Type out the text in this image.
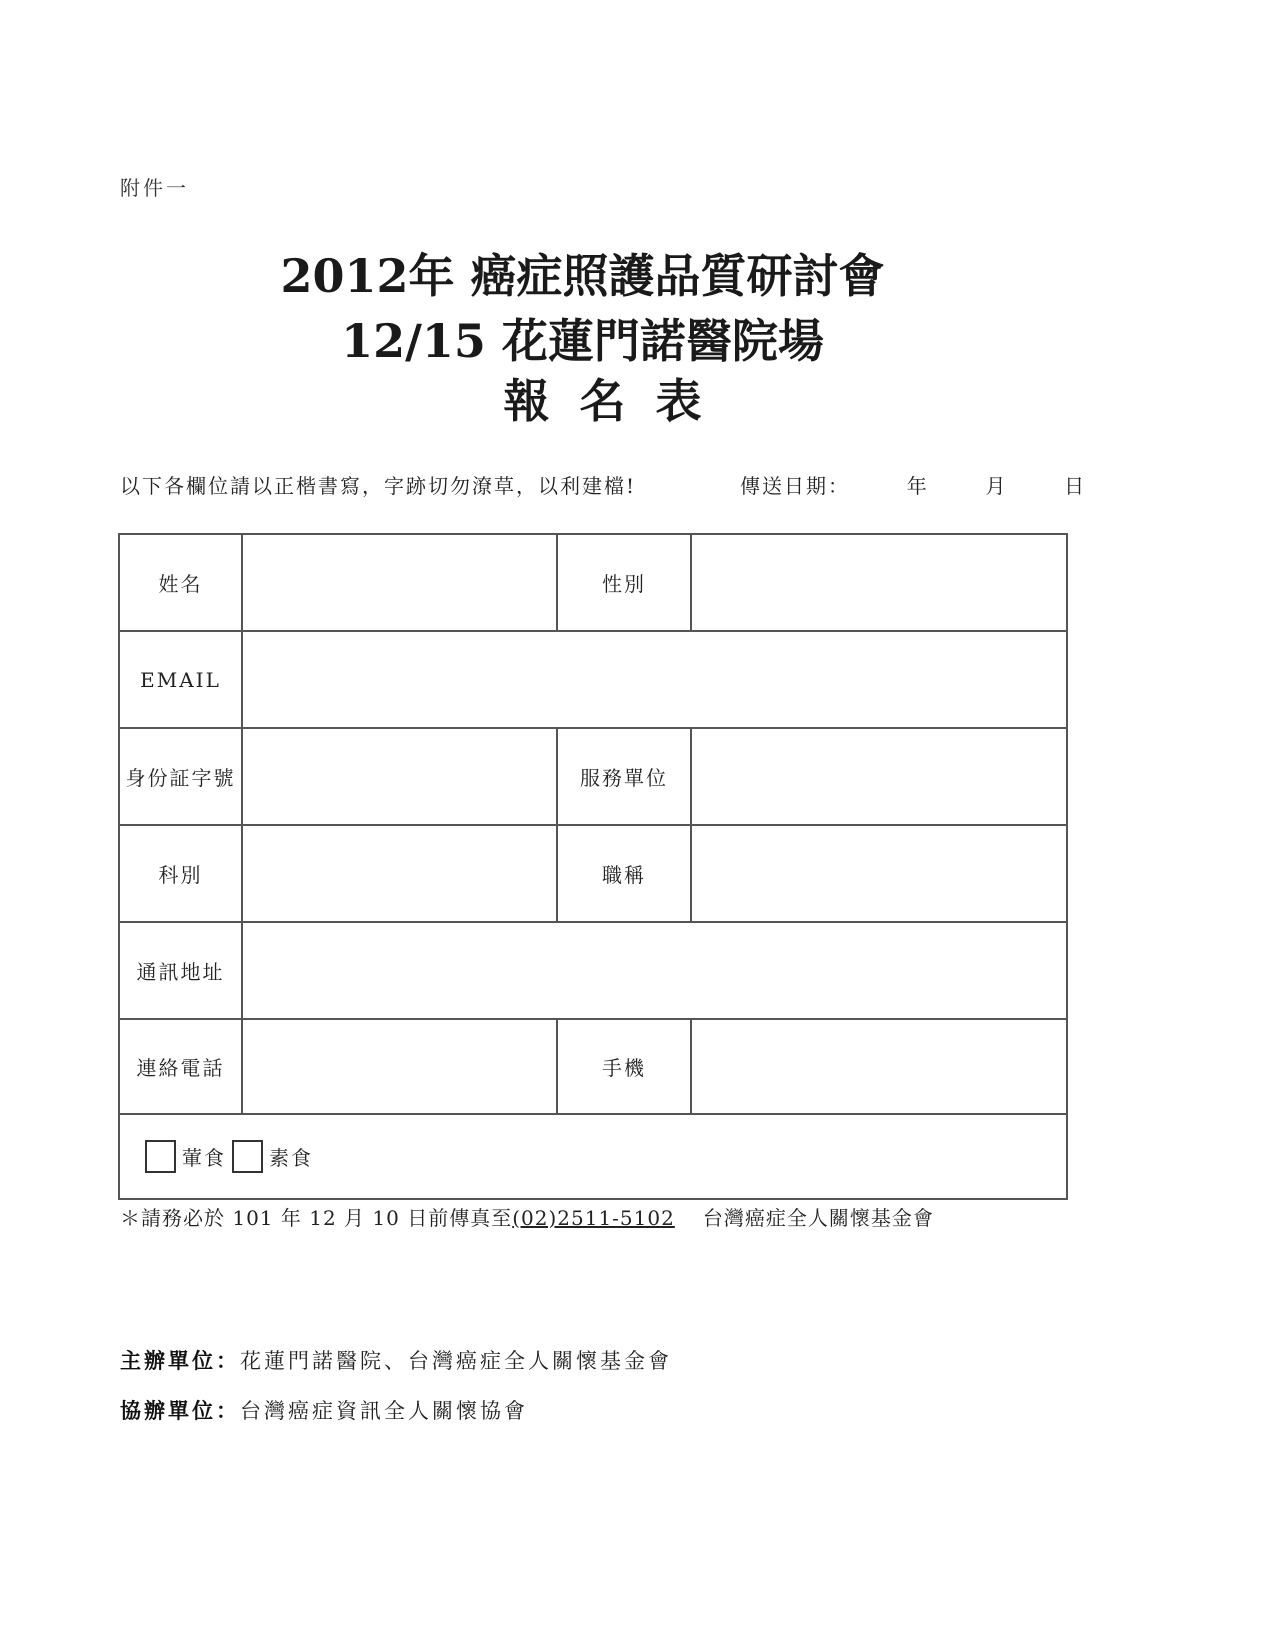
附件一
2012年 癌症照護品質研討會
12/15 花蓮門諾醫院場
報名表
以下各欄位請以正楷書寫，字跡切勿潦草，以利建檔!	傳送日期：	年	月	日
姓名		性別	
EMAIL			
身份証字號		服務單位	
科別		職稱	
通訊地址			
連絡電話		手機	
葷食 素食			
＊請務必於 101 年 12 月 10 日前傳真至(02)2511-5102 台灣癌症全人關懷基金會
主辦單位：花蓮門諾醫院、台灣癌症全人關懷基金會
協辦單位：台灣癌症資訊全人關懷協會
